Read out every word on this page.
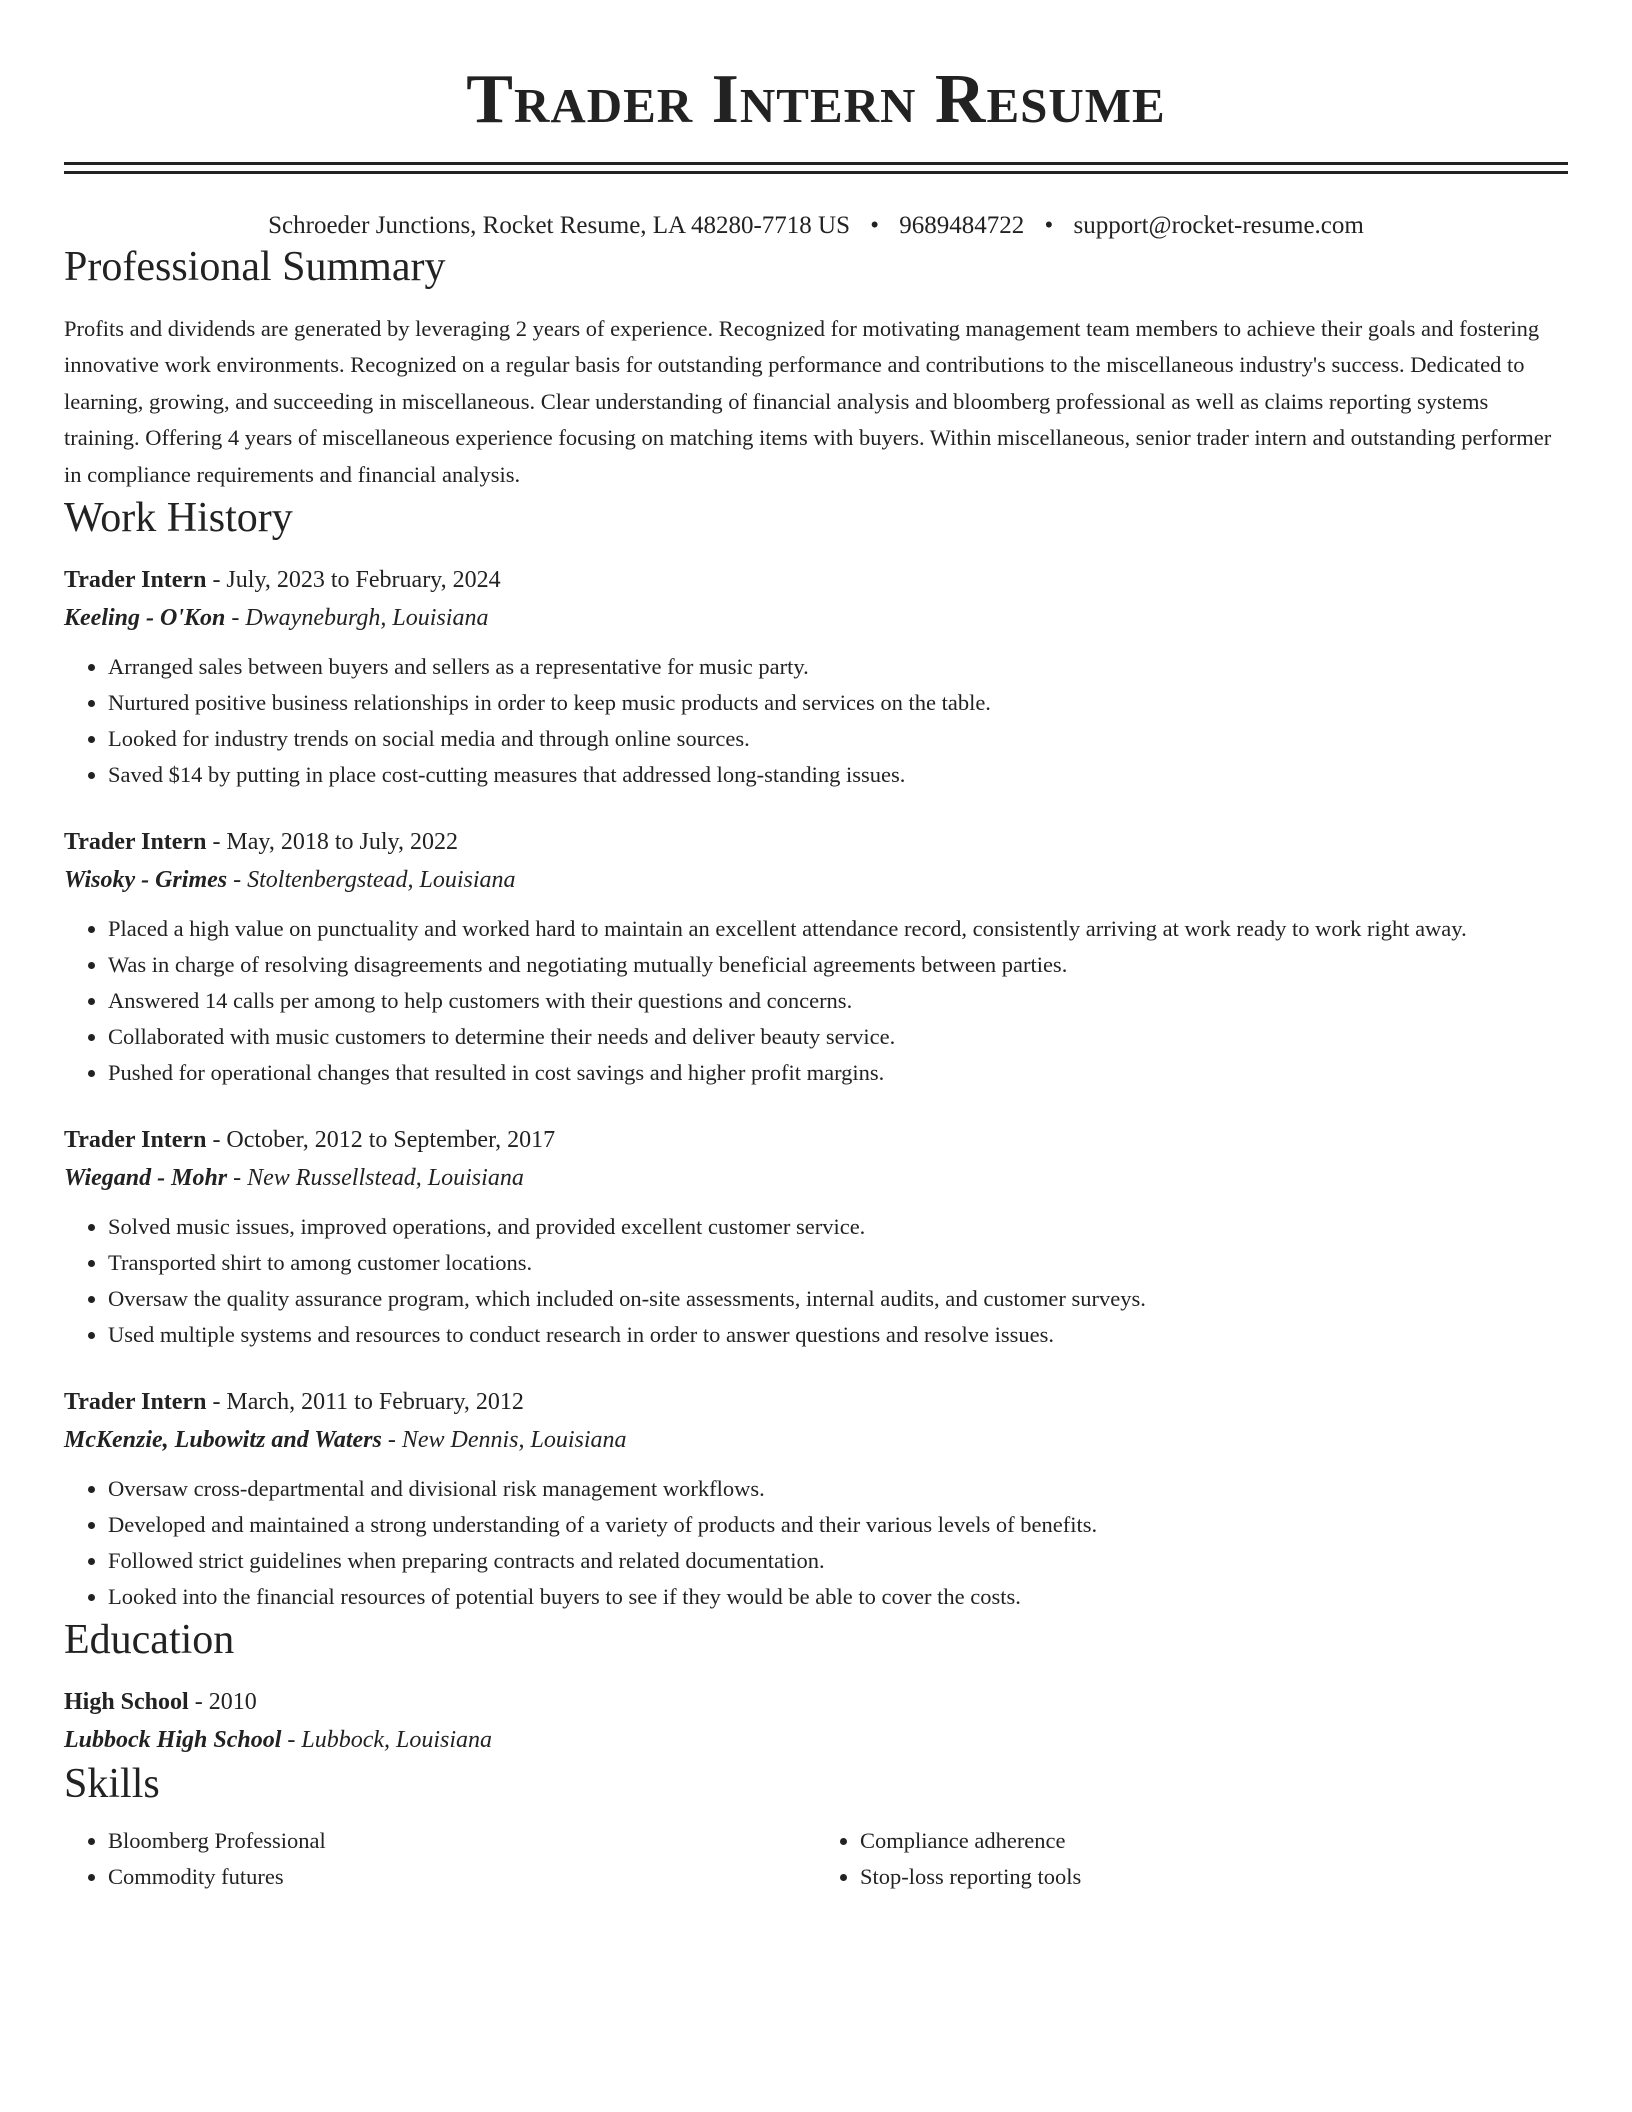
Trader Intern Resume
Schroeder Junctions, Rocket Resume, LA 48280-7718 US • 9689484722 • support@rocket-resume.com
Professional Summary

Profits and dividends are generated by leveraging 2 years of experience. Recognized for motivating management team members to achieve their goals and fostering innovative work environments. Recognized on a regular basis for outstanding performance and contributions to the miscellaneous industry's success. Dedicated to learning, growing, and succeeding in miscellaneous. Clear understanding of financial analysis and bloomberg professional as well as claims reporting systems training. Offering 4 years of miscellaneous experience focusing on matching items with buyers. Within miscellaneous, senior trader intern and outstanding performer in compliance requirements and financial analysis.

Work History
Trader Intern - July, 2023 to February, 2024
Keeling - O'Kon - Dwayneburgh, Louisiana
• Arranged sales between buyers and sellers as a representative for music party.
• Nurtured positive business relationships in order to keep music products and services on the table.
• Looked for industry trends on social media and through online sources.
• Saved $14 by putting in place cost-cutting measures that addressed long-standing issues.
Trader Intern - May, 2018 to July, 2022
Wisoky - Grimes - Stoltenbergstead, Louisiana
• Placed a high value on punctuality and worked hard to maintain an excellent attendance record, consistently arriving at work ready to work right away.
• Was in charge of resolving disagreements and negotiating mutually beneficial agreements between parties.
• Answered 14 calls per among to help customers with their questions and concerns.
• Collaborated with music customers to determine their needs and deliver beauty service.
• Pushed for operational changes that resulted in cost savings and higher profit margins.
Trader Intern - October, 2012 to September, 2017
Wiegand - Mohr - New Russellstead, Louisiana
• Solved music issues, improved operations, and provided excellent customer service.
• Transported shirt to among customer locations.
• Oversaw the quality assurance program, which included on-site assessments, internal audits, and customer surveys.
• Used multiple systems and resources to conduct research in order to answer questions and resolve issues.
Trader Intern - March, 2011 to February, 2012
McKenzie, Lubowitz and Waters - New Dennis, Louisiana
• Oversaw cross-departmental and divisional risk management workflows.
• Developed and maintained a strong understanding of a variety of products and their various levels of benefits.
• Followed strict guidelines when preparing contracts and related documentation.
• Looked into the financial resources of potential buyers to see if they would be able to cover the costs.
Education
High School - 2010
Lubbock High School - Lubbock, Louisiana
Skills
• Bloomberg Professional
• Commodity futures
• Compliance adherence
• Stop-loss reporting tools
